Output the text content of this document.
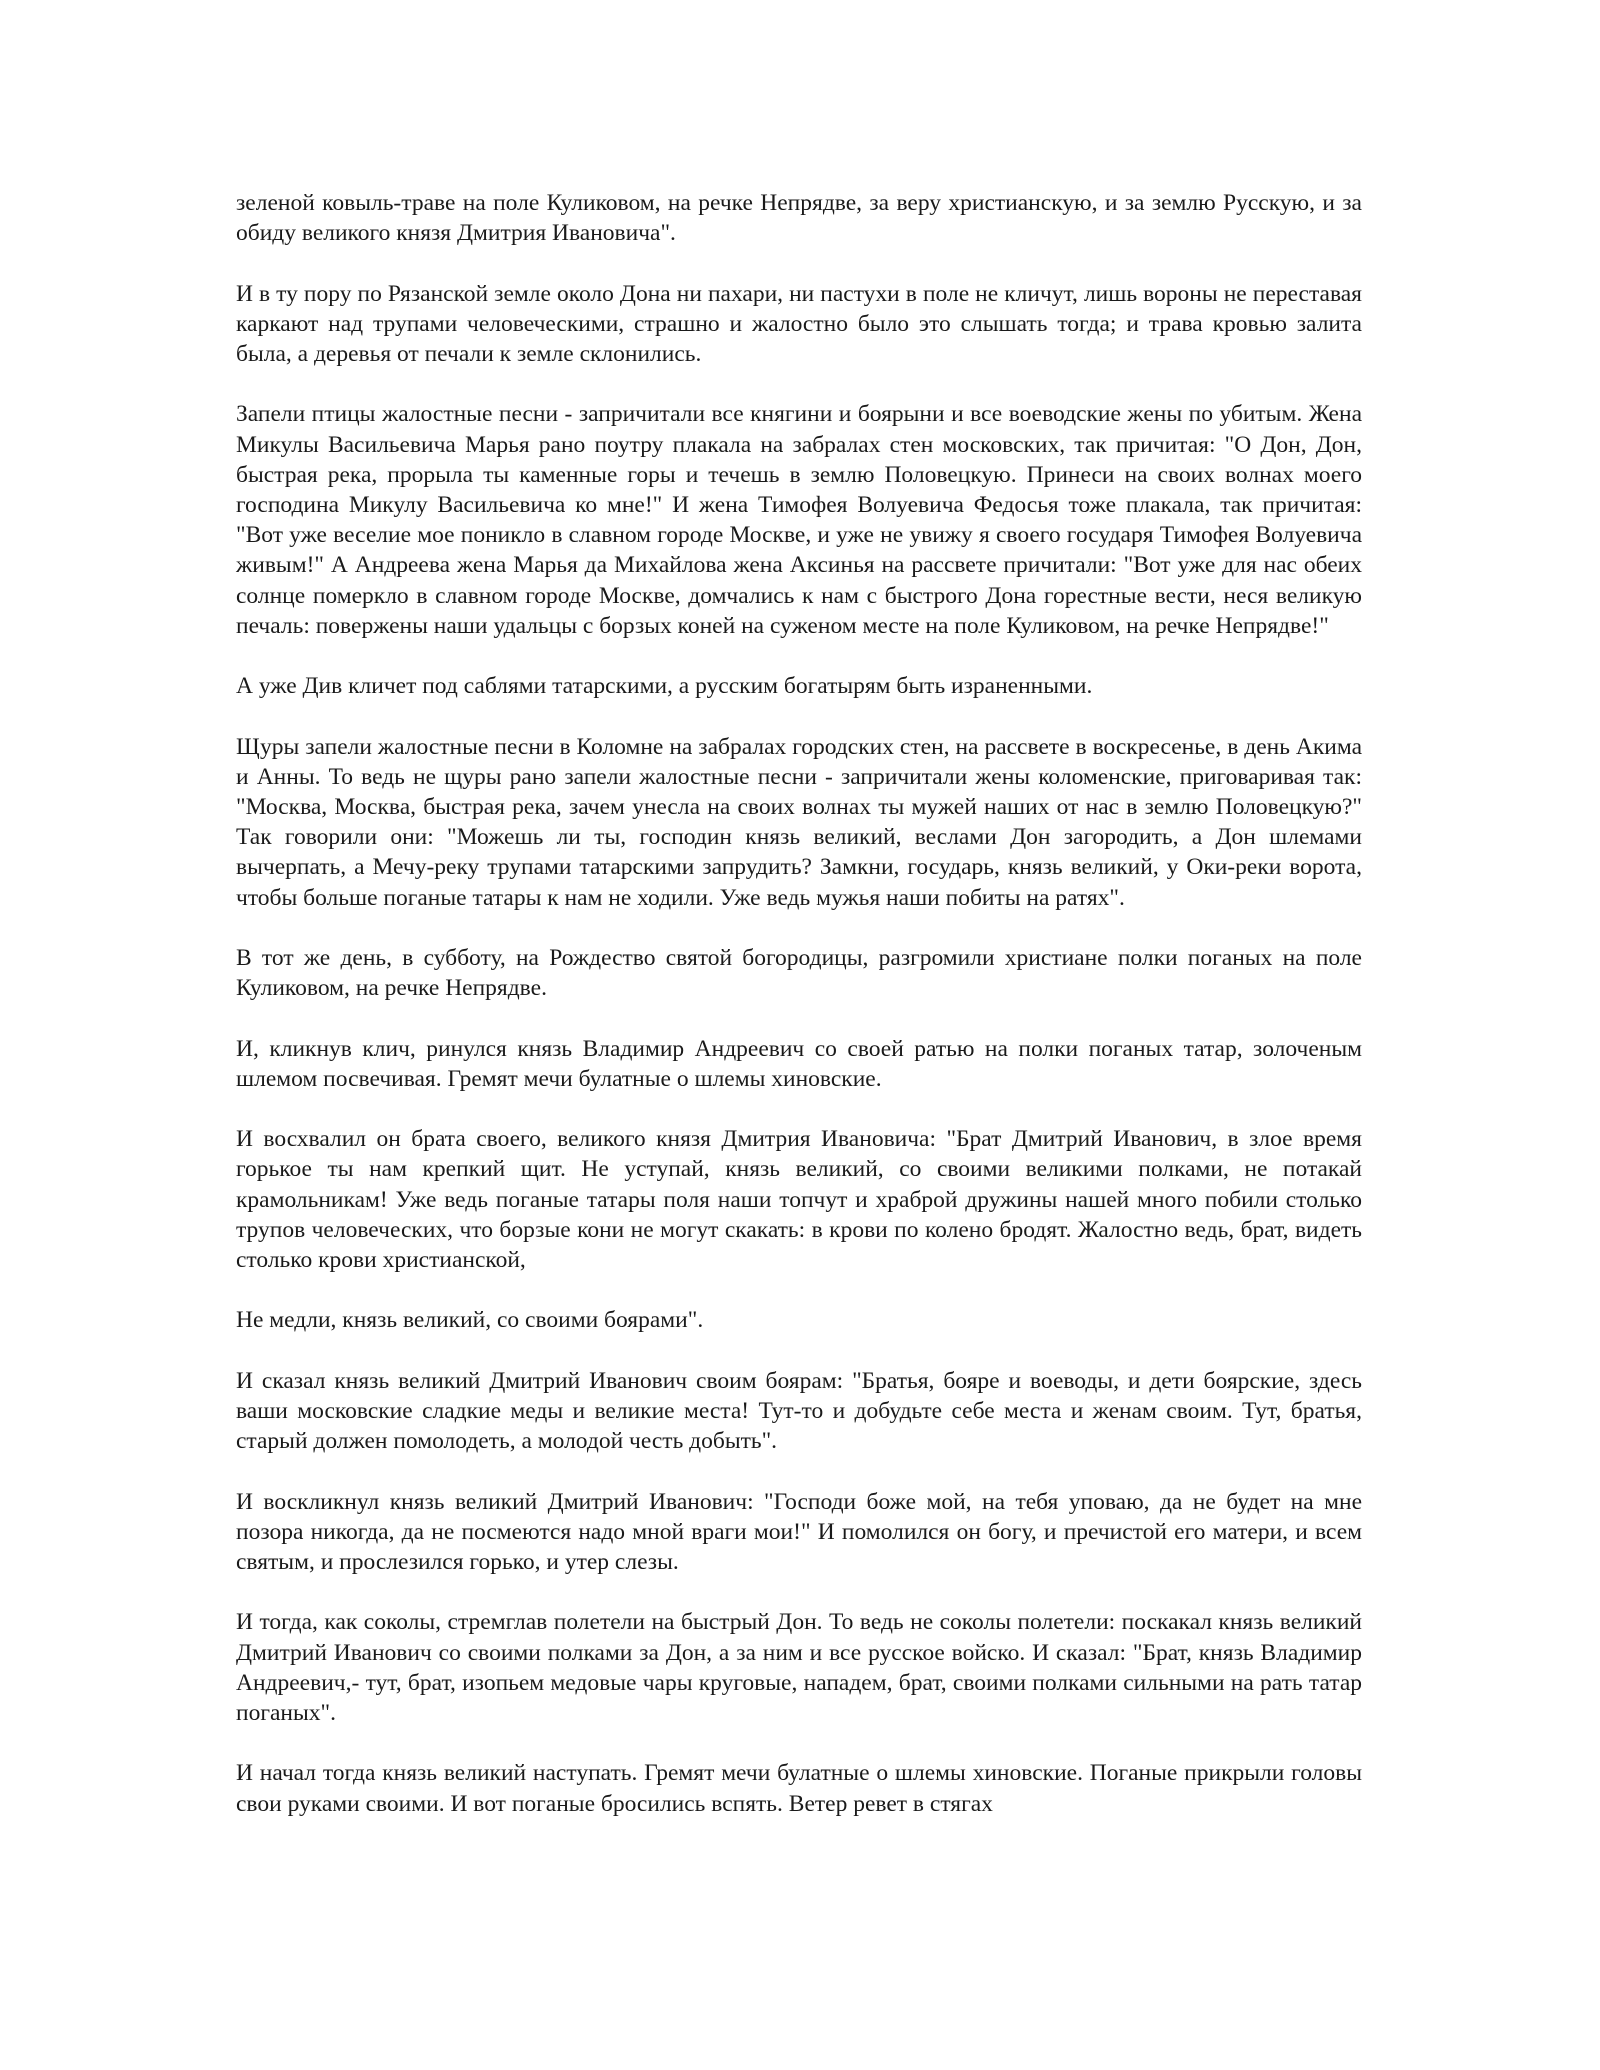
зеленой ковыль-траве на поле Куликовом, на речке Непрядве, за веру христианскую, и за землю Русскую, и за обиду великого князя Дмитрия Ивановича".

И в ту пору по Рязанской земле около Дона ни пахари, ни пастухи в поле не кличут, лишь вороны не переставая каркают над трупами человеческими, страшно и жалостно было это слышать тогда; и трава кровью залита была, а деревья от печали к земле склонились.

Запели птицы жалостные песни - запричитали все княгини и боярыни и все воеводские жены по убитым. Жена Микулы Васильевича Марья рано поутру плакала на забралах стен московских, так причитая: "О Дон, Дон, быстрая река, прорыла ты каменные горы и течешь в землю Половецкую. Принеси на своих волнах моего господина Микулу Васильевича ко мне!" И жена Тимофея Волуевича Федосья тоже плакала, так причитая: "Вот уже веселие мое поникло в славном городе Москве, и уже не увижу я своего государя Тимофея Волуевича живым!" А Андреева жена Марья да Михайлова жена Аксинья на рассвете причитали: "Вот уже для нас обеих солнце померкло в славном городе Москве, домчались к нам с быстрого Дона горестные вести, неся великую печаль: повержены наши удальцы с борзых коней на суженом месте на поле Куликовом, на речке Непрядве!"

А уже Див кличет под саблями татарскими, а русским богатырям быть израненными.

Щуры запели жалостные песни в Коломне на забралах городских стен, на рассвете в воскресенье, в день Акима и Анны. То ведь не щуры рано запели жалостные песни - запричитали жены коломенские, приговаривая так: "Москва, Москва, быстрая река, зачем унесла на своих волнах ты мужей наших от нас в землю Половецкую?" Так говорили они: "Можешь ли ты, господин князь великий, веслами Дон загородить, а Дон шлемами вычерпать, а Мечу-реку трупами татарскими запрудить? Замкни, государь, князь великий, у Оки-реки ворота, чтобы больше поганые татары к нам не ходили. Уже ведь мужья наши побиты на ратях".

В тот же день, в субботу, на Рождество святой богородицы, разгромили христиане полки поганых на поле Куликовом, на речке Непрядве.

И, кликнув клич, ринулся князь Владимир Андреевич со своей ратью на полки поганых татар, золоченым шлемом посвечивая. Гремят мечи булатные о шлемы хиновские.

И восхвалил он брата своего, великого князя Дмитрия Ивановича: "Брат Дмитрий Иванович, в злое время горькое ты нам крепкий щит. Не уступай, князь великий, со своими великими полками, не потакай крамольникам! Уже ведь поганые татары поля наши топчут и храброй дружины нашей много побили столько трупов человеческих, что борзые кони не могут скакать: в крови по колено бродят. Жалостно ведь, брат, видеть столько крови христианской,

Не медли, князь великий, со своими боярами".

И сказал князь великий Дмитрий Иванович своим боярам: "Братья, бояре и воеводы, и дети боярские, здесь ваши московские сладкие меды и великие места! Тут-то и добудьте себе места и женам своим. Тут, братья, старый должен помолодеть, а молодой честь добыть".

И воскликнул князь великий Дмитрий Иванович: "Господи боже мой, на тебя уповаю, да не будет на мне позора никогда, да не посмеются надо мной враги мои!" И помолился он богу, и пречистой его матери, и всем святым, и прослезился горько, и утер слезы.

И тогда, как соколы, стремглав полетели на быстрый Дон. То ведь не соколы полетели: поскакал князь великий Дмитрий Иванович со своими полками за Дон, а за ним и все русское войско. И сказал: "Брат, князь Владимир Андреевич,- тут, брат, изопьем медовые чары круговые, нападем, брат, своими полками сильными на рать татар поганых".

И начал тогда князь великий наступать. Гремят мечи булатные о шлемы хиновские. Поганые прикрыли головы свои руками своими. И вот поганые бросились вспять. Ветер ревет в стягах
